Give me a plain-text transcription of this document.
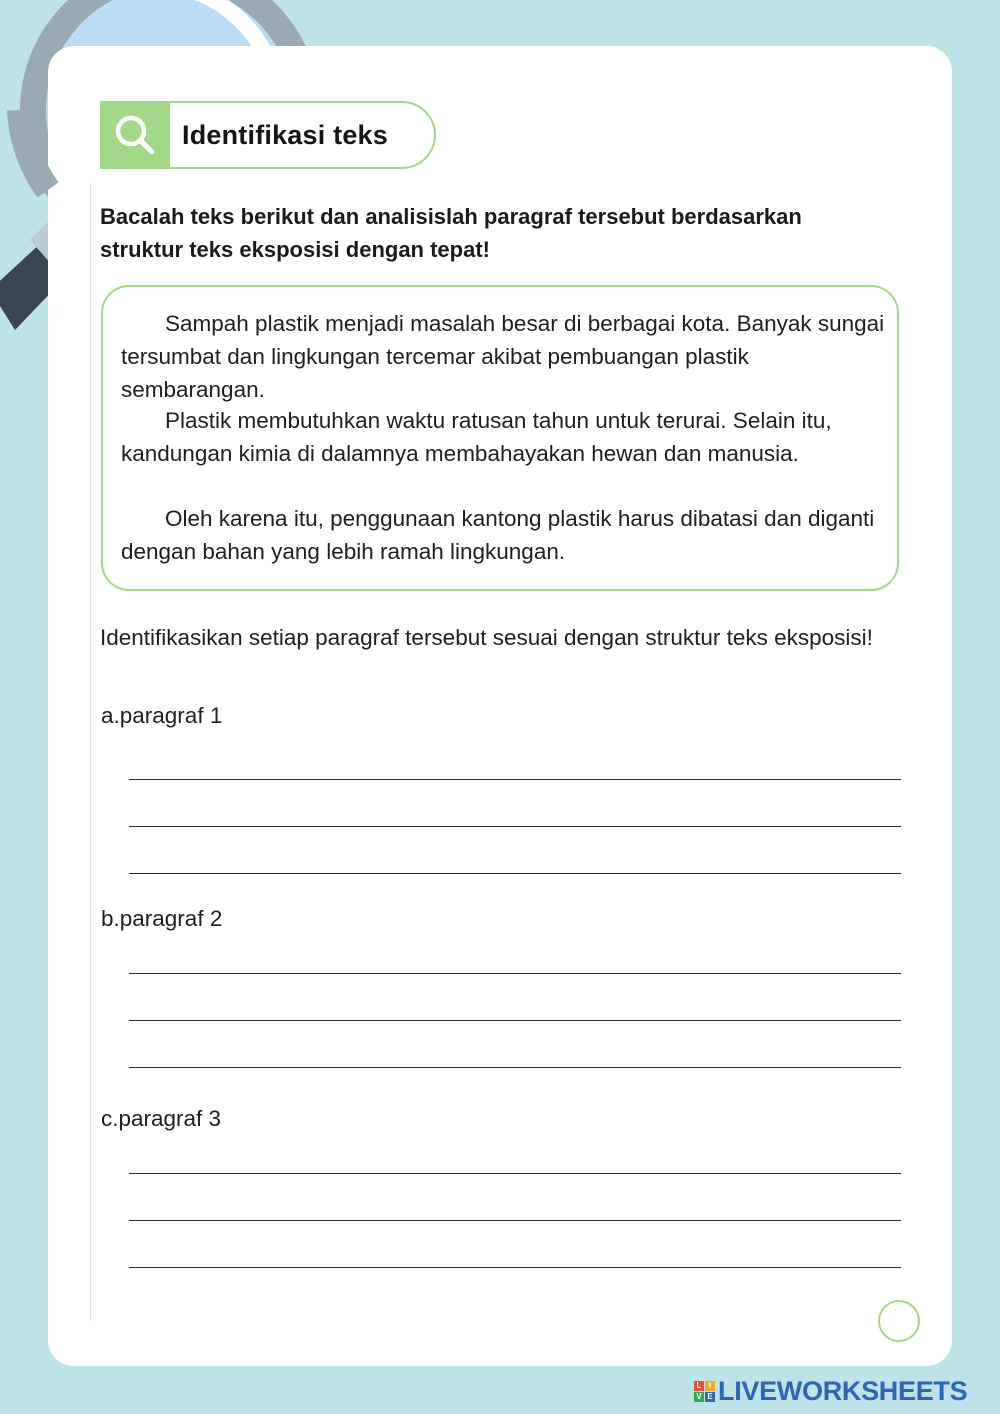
Identifikasi teks
Bacalah teks berikut dan analisislah paragraf tersebut berdasarkan struktur teks eksposisi dengan tepat!

Sampah plastik menjadi masalah besar di berbagai kota. Banyak sungai tersumbat dan lingkungan tercemar akibat pembuangan plastik sembarangan.

Plastik membutuhkan waktu ratusan tahun untuk terurai. Selain itu, kandungan kimia di dalamnya membahayakan hewan dan manusia.

Oleh karena itu, penggunaan kantong plastik harus dibatasi dan diganti dengan bahan yang lebih ramah lingkungan.

Identifikasikan setiap paragraf tersebut sesuai dengan struktur teks eksposisi!
a.paragraf 1
b.paragraf 2
c.paragraf 3
L I
V E LIVEWORKSHEETS
